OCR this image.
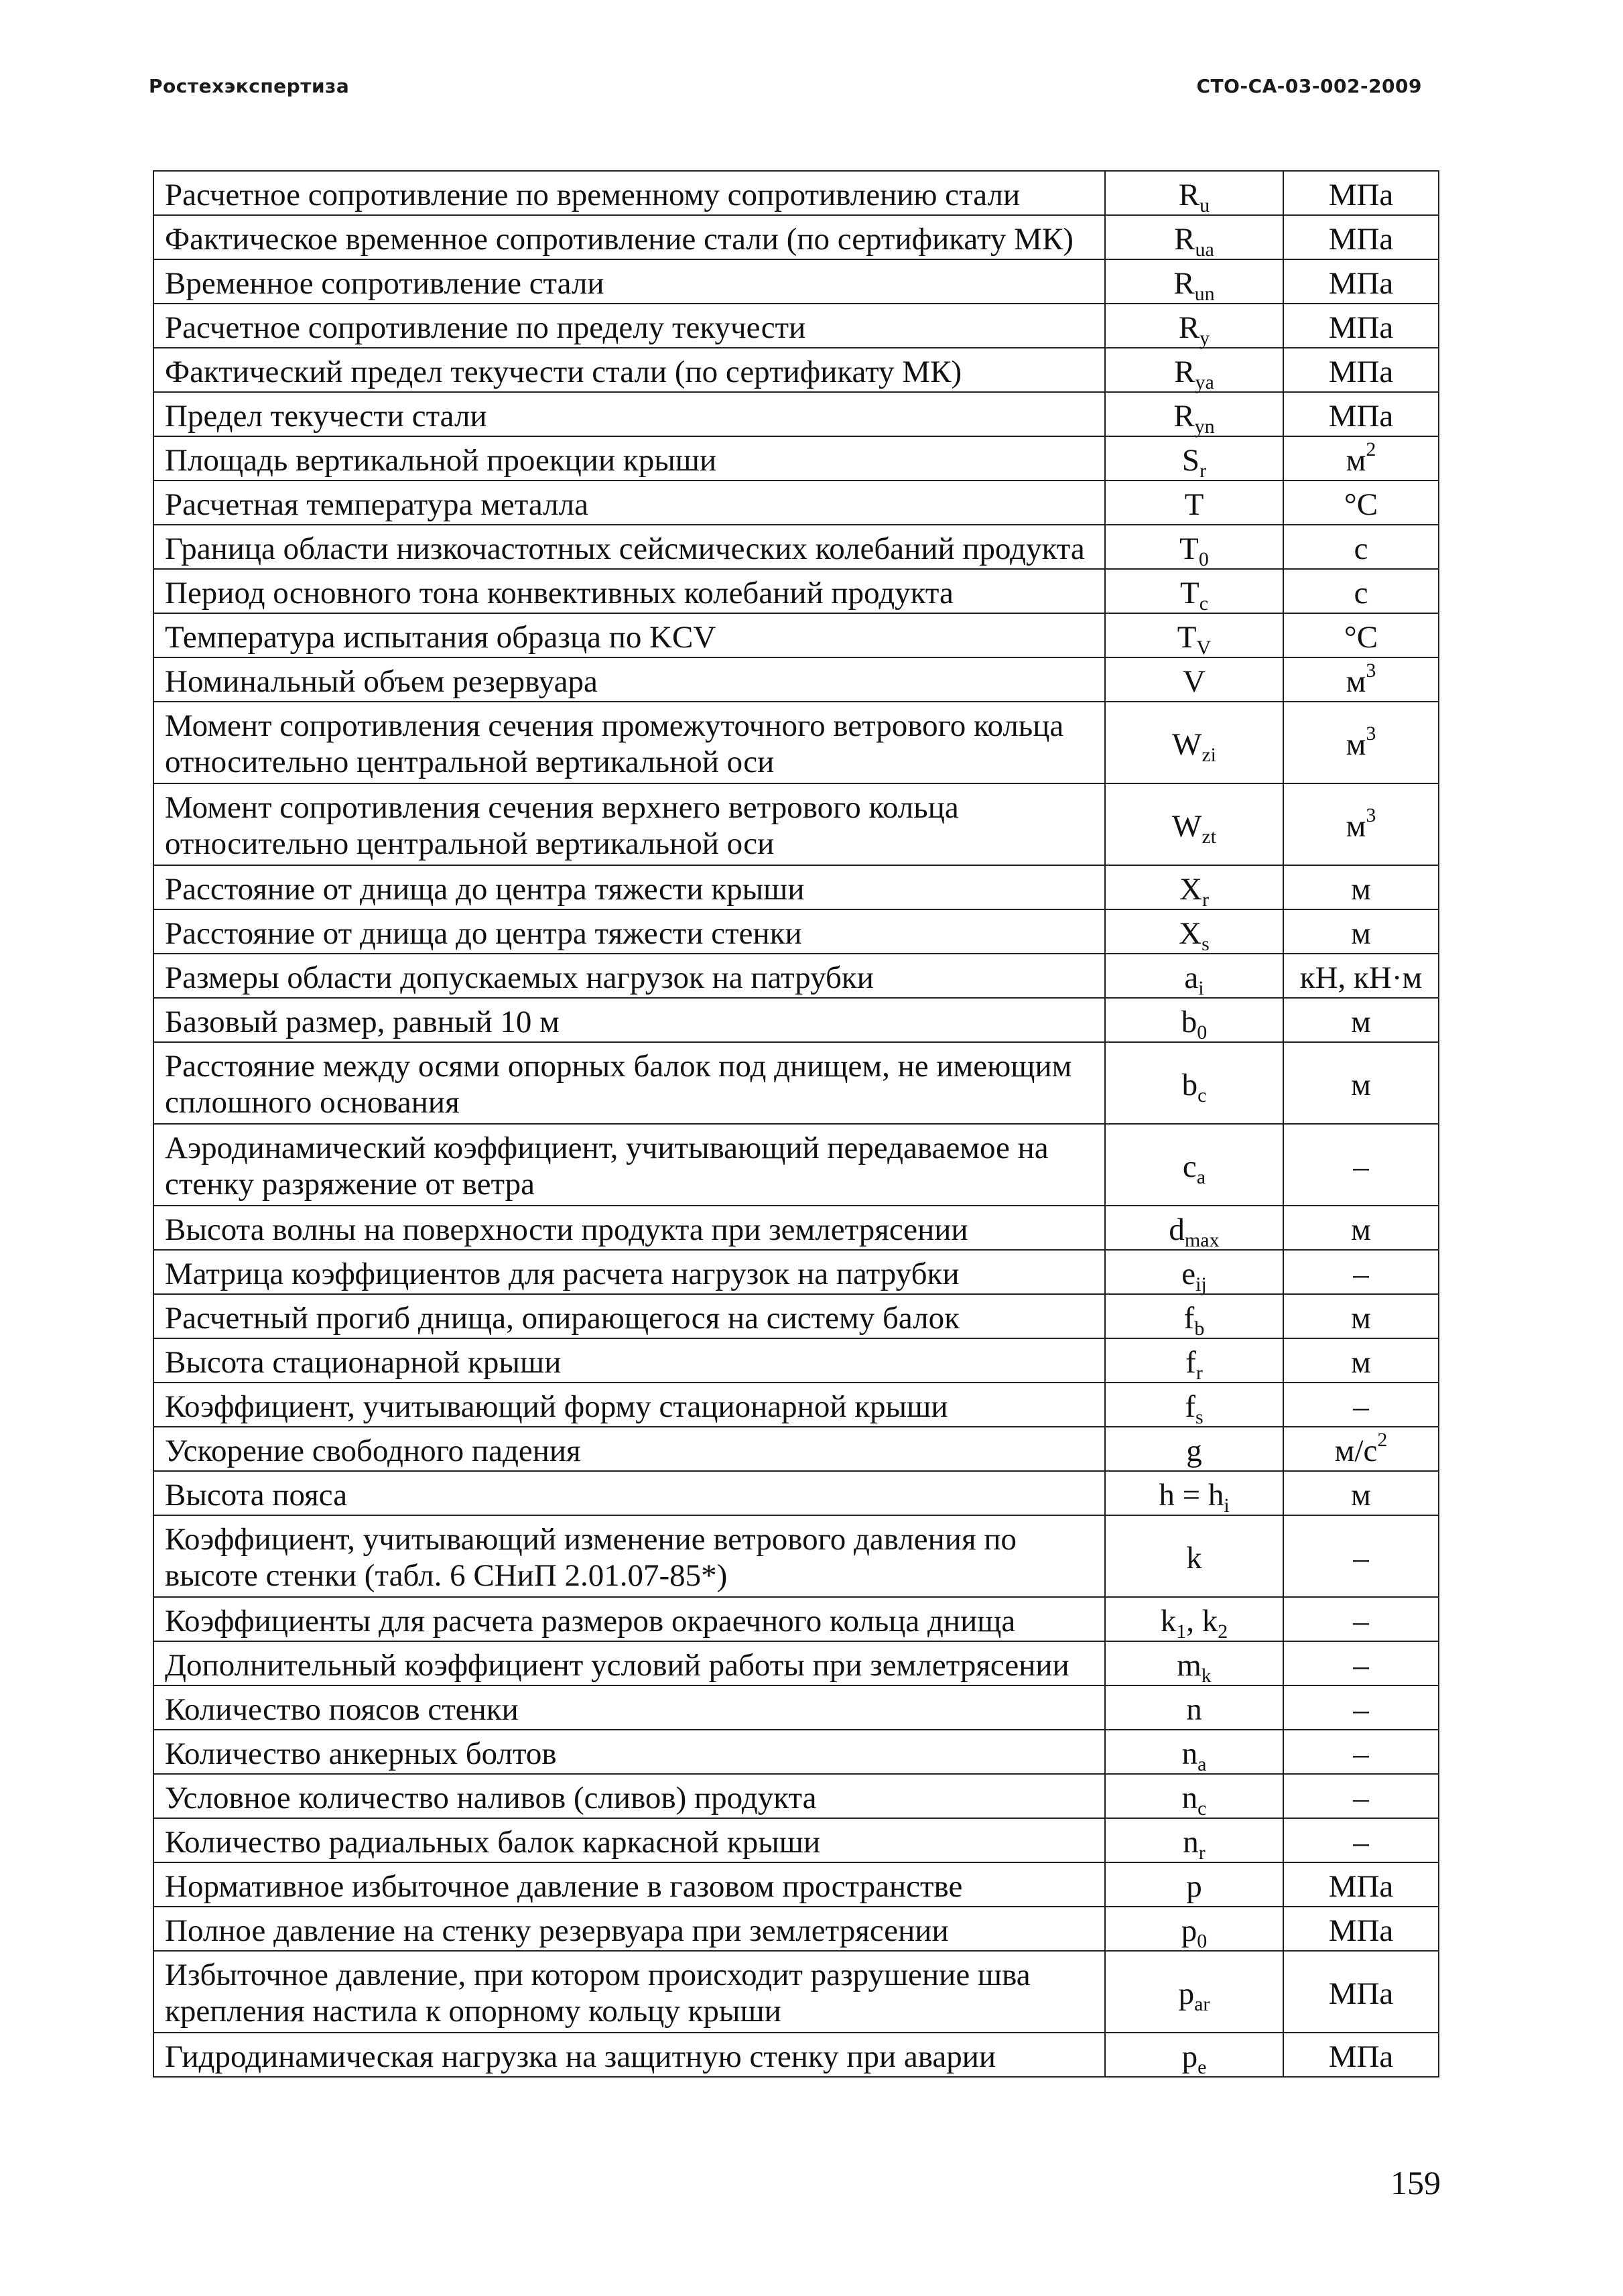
Ростехэкспертиза	СТО-СА-03-002-2009
Расчетное сопротивление по временному сопротивлению стали	$R_u$	МПа
Фактическое временное сопротивление стали (по сертификату МК)	$R_{ua}$	МПа
Временное сопротивление стали	$R_{un}$	МПа
Расчетное сопротивление по пределу текучести	$R_y$	МПа
Фактический предел текучести стали (по сертификату МК)	$R_{ya}$	МПа
Предел текучести стали	$R_{yn}$	МПа
Площадь вертикальной проекции крыши	$S_r$	$м^2$
Расчетная температура металла	T	°C
Граница области низкочастотных сейсмических колебаний продукта	$T_0$	с
Период основного тона конвективных колебаний продукта	$T_c$	с
Температура испытания образца по KCV	$T_V$	°C
Номинальный объем резервуара	V	$м^3$
Момент сопротивления сечения промежуточного ветрового кольца относительно центральной вертикальной оси	$W_{zi}$	$м^3$
Момент сопротивления сечения верхнего ветрового кольца относительно центральной вертикальной оси	$W_{zt}$	$м^3$
Расстояние от днища до центра тяжести крыши	$X_r$	м
Расстояние от днища до центра тяжести стенки	$X_s$	м
Размеры области допускаемых нагрузок на патрубки	$a_i$	кН, кН·м
Базовый размер, равный 10 м	$b_0$	м
Расстояние между осями опорных балок под днищем, не имеющим сплошного основания	$b_c$	м
Аэродинамический коэффициент, учитывающий передаваемое на стенку разряжение от ветра	$c_a$	–
Высота волны на поверхности продукта при землетрясении	$d_{max}$	м
Матрица коэффициентов для расчета нагрузок на патрубки	$e_{ij}$	–
Расчетный прогиб днища, опирающегося на систему балок	$f_b$	м
Высота стационарной крыши	$f_r$	м
Коэффициент, учитывающий форму стационарной крыши	$f_s$	–
Ускорение свободного падения	g	$м/с^2$
Высота пояса	$h = h_i$	м
Коэффициент, учитывающий изменение ветрового давления по высоте стенки (табл. 6 СНиП 2.01.07-85*)	k	–
Коэффициенты для расчета размеров окраечного кольца днища	$k_1$, $k_2$	–
Дополнительный коэффициент условий работы при землетрясении	$m_k$	–
Количество поясов стенки	n	–
Количество анкерных болтов	$n_a$	–
Условное количество наливов (сливов) продукта	$n_c$	–
Количество радиальных балок каркасной крыши	$n_r$	–
Нормативное избыточное давление в газовом пространстве	p	МПа
Полное давление на стенку резервуара при землетрясении	$p_0$	МПа
Избыточное давление, при котором происходит разрушение шва крепления настила к опорному кольцу крыши	$p_{ar}$	МПа
Гидродинамическая нагрузка на защитную стенку при аварии	$p_e$	МПа
159
